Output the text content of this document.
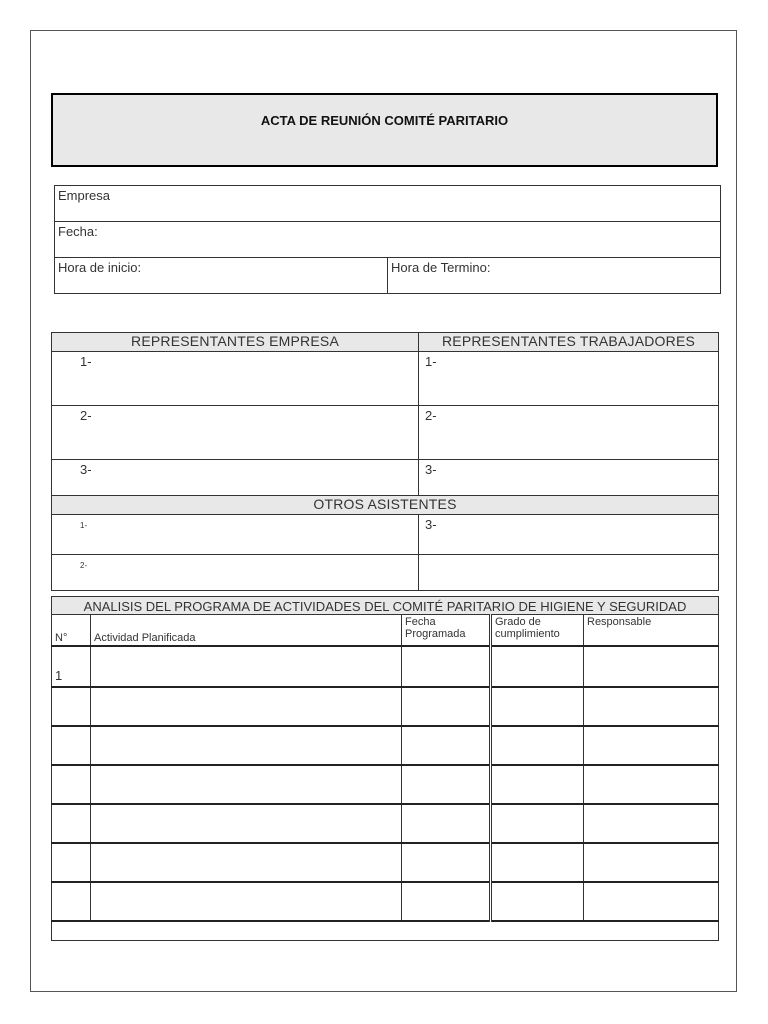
ACTA DE REUNIÓN COMITÉ PARITARIO
Empresa
Fecha:
Hora de inicio:	Hora de Termino:
REPRESENTANTES EMPRESA	REPRESENTANTES TRABAJADORES
1-	1-
2-	2-
3-	3-
OTROS ASISTENTES	
1-	3-
2-	
ANALISIS DEL PROGRAMA DE ACTIVIDADES DEL COMITÉ PARITARIO DE HIGIENE Y SEGURIDAD				
N°	Actividad Planificada	Fecha Programada	Grado de cumplimiento	Responsable
1				
